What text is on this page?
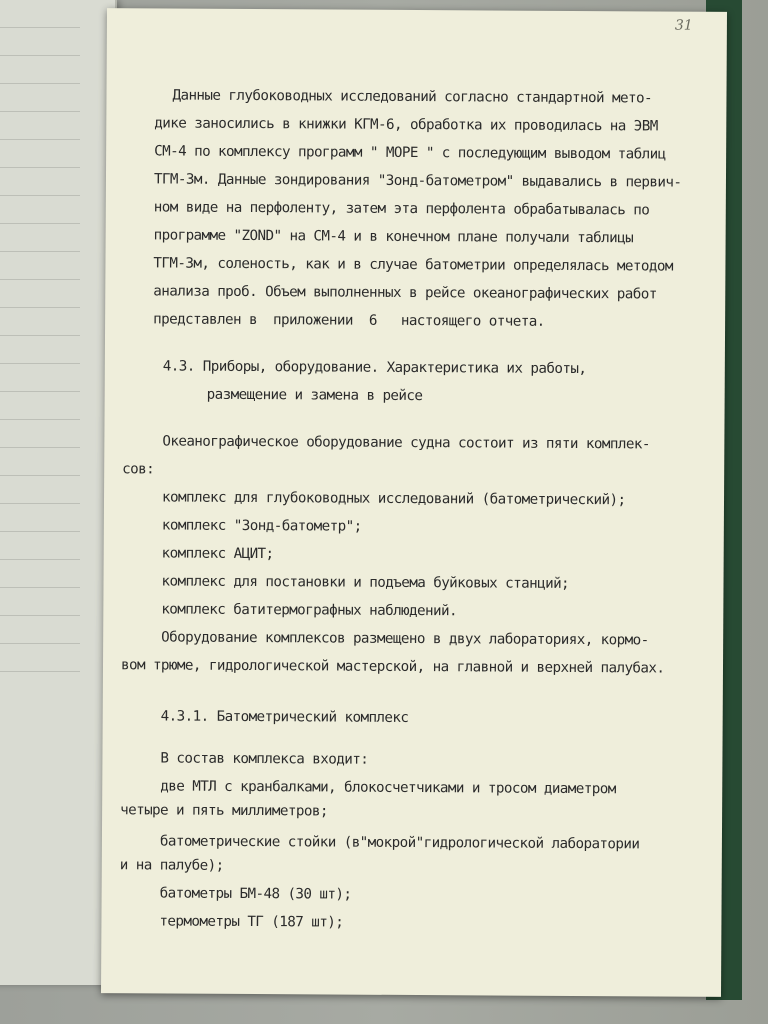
31
Данные глубоководных исследований согласно стандартной мето-
дике заносились в книжки КГМ-6, обработка их проводилась на ЭВМ
СМ-4 по комплексу программ " МОРЕ " с последующим выводом таблиц
ТГМ-3м. Данные зондирования "Зонд-батометром" выдавались в первич-
ном виде на перфоленту, затем эта перфолента обрабатывалась по
программе "ZOND" на СМ-4 и в конечном плане получали таблицы
ТГМ-3м, соленость, как и в случае батометрии определялась методом
анализа проб. Объем выполненных в рейсе океанографических работ
представлен в  приложении  6   настоящего отчета.
4.3. Приборы, оборудование. Характеристика их работы,
размещение и замена в рейсе
Океанографическое оборудование судна состоит из пяти комплек-
сов:
комплекс для глубоководных исследований (батометрический);
комплекс "Зонд-батометр";
комплекс АЦИТ;
комплекс для постановки и подъема буйковых станций;
комплекс батитермографных наблюдений.
Оборудование комплексов размещено в двух лабораториях, кормо-
вом трюме, гидрологической мастерской, на главной и верхней палубах.
4.3.1. Батометрический комплекс
В состав комплекса входит:
две МТЛ с кранбалками, блокосчетчиками и тросом диаметром
четыре и пять миллиметров;
батометрические стойки (в"мокрой"гидрологической лаборатории
и на палубе);
батометры БМ-48 (30 шт);
термометры ТГ (187 шт);
